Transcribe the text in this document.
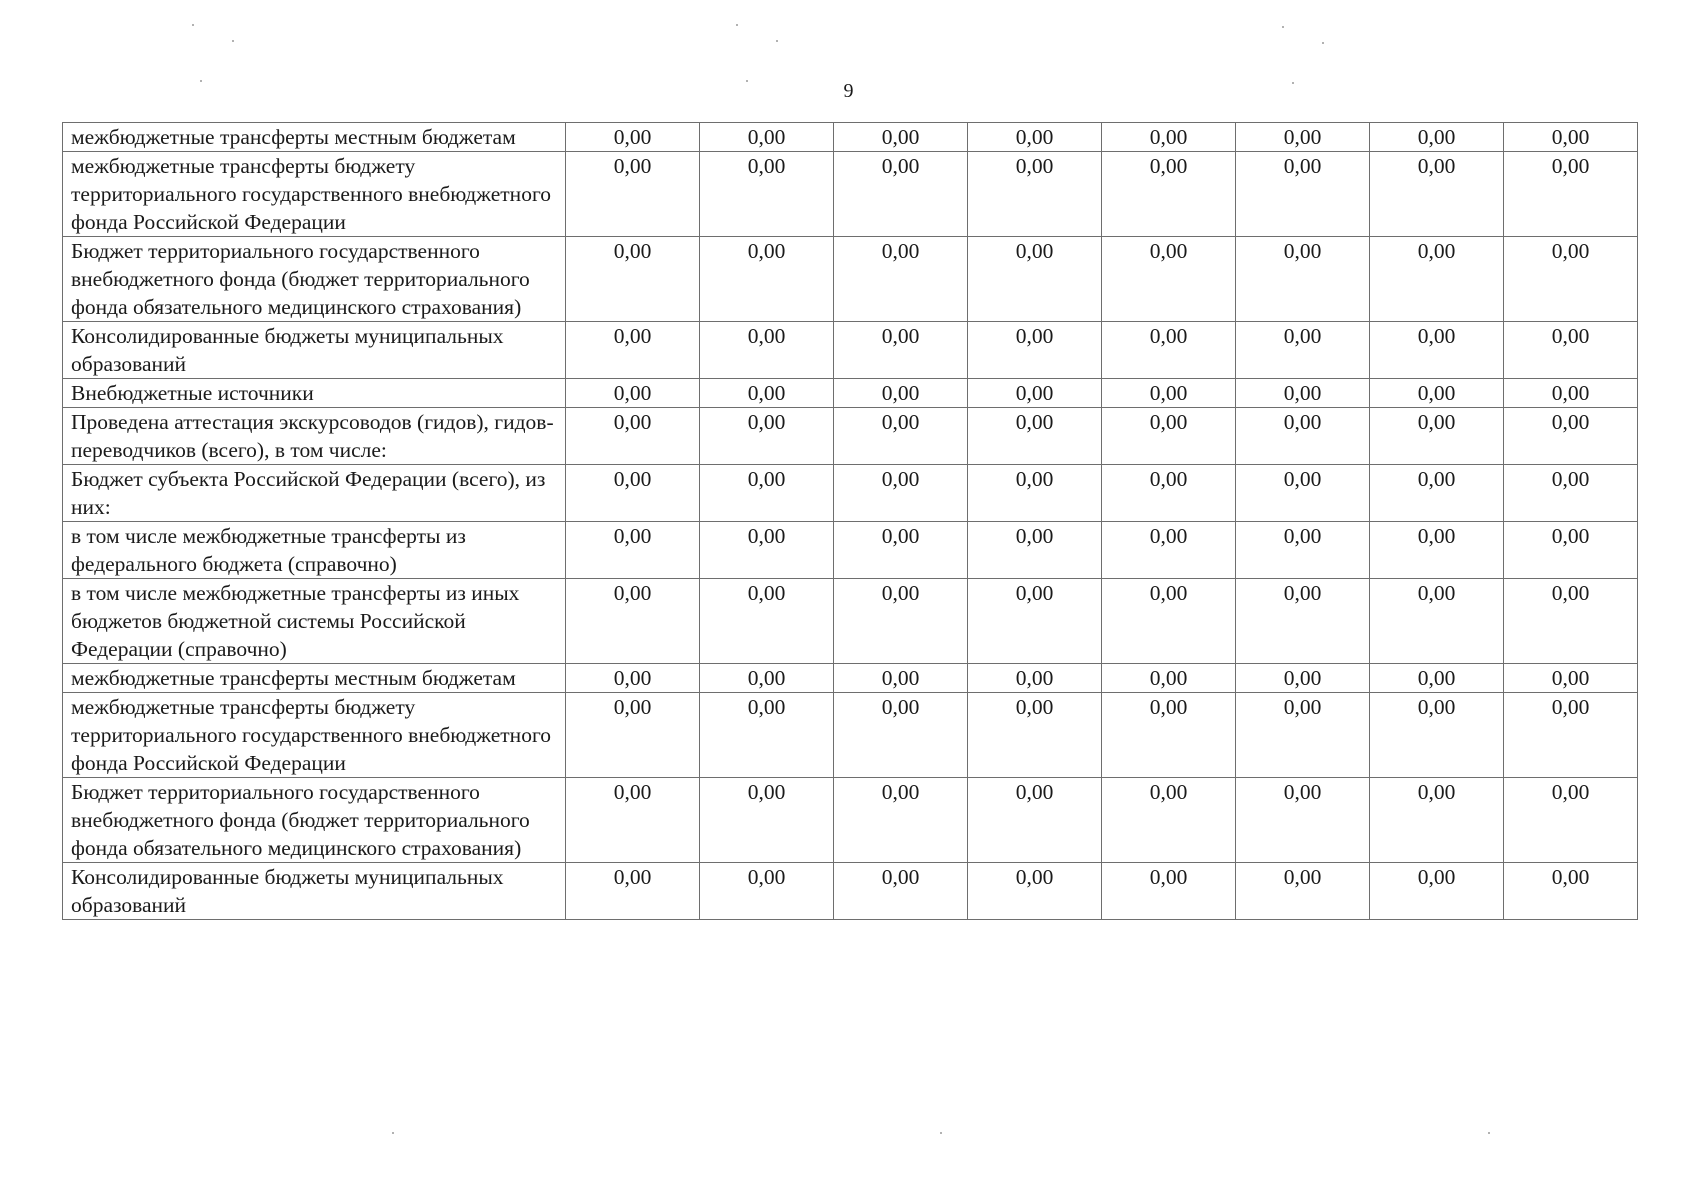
9
межбюджетные трансферты местным бюджетам	0,00	0,00	0,00	0,00	0,00	0,00	0,00	0,00
межбюджетные трансферты бюджету территориального государственного внебюджетного фонда Российской Федерации	0,00	0,00	0,00	0,00	0,00	0,00	0,00	0,00
Бюджет территориального государственного внебюджетного фонда (бюджет территориального фонда обязательного медицинского страхования)	0,00	0,00	0,00	0,00	0,00	0,00	0,00	0,00
Консолидированные бюджеты муниципальных образований	0,00	0,00	0,00	0,00	0,00	0,00	0,00	0,00
Внебюджетные источники	0,00	0,00	0,00	0,00	0,00	0,00	0,00	0,00
Проведена аттестация экскурсоводов (гидов), гидов-переводчиков (всего), в том числе:	0,00	0,00	0,00	0,00	0,00	0,00	0,00	0,00
Бюджет субъекта Российской Федерации (всего), из них:	0,00	0,00	0,00	0,00	0,00	0,00	0,00	0,00
в том числе межбюджетные трансферты из федерального бюджета (справочно)	0,00	0,00	0,00	0,00	0,00	0,00	0,00	0,00
в том числе межбюджетные трансферты из иных бюджетов бюджетной системы Российской Федерации (справочно)	0,00	0,00	0,00	0,00	0,00	0,00	0,00	0,00
межбюджетные трансферты местным бюджетам	0,00	0,00	0,00	0,00	0,00	0,00	0,00	0,00
межбюджетные трансферты бюджету территориального государственного внебюджетного фонда Российской Федерации	0,00	0,00	0,00	0,00	0,00	0,00	0,00	0,00
Бюджет территориального государственного внебюджетного фонда (бюджет территориального фонда обязательного медицинского страхования)	0,00	0,00	0,00	0,00	0,00	0,00	0,00	0,00
Консолидированные бюджеты муниципальных образований	0,00	0,00	0,00	0,00	0,00	0,00	0,00	0,00
